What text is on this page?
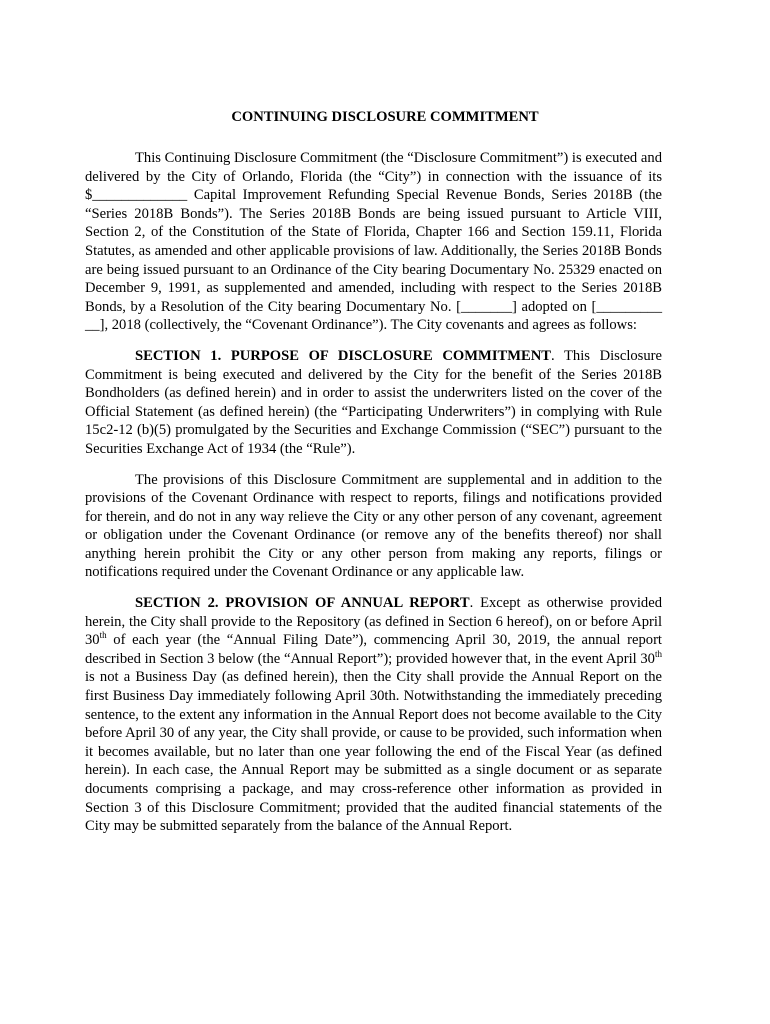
CONTINUING DISCLOSURE COMMITMENT

This Continuing Disclosure Commitment (the “Disclosure Commitment”) is executed and delivered by the City of Orlando, Florida (the “City”) in connection with the issuance of its $_____________ Capital Improvement Refunding Special Revenue Bonds, Series 2018B (the “Series 2018B Bonds”). The Series 2018B Bonds are being issued pursuant to Article VIII, Section 2, of the Constitution of the State of Florida, Chapter 166 and Section 159.11, Florida Statutes, as amended and other applicable provisions of law. Additionally, the Series 2018B Bonds are being issued pursuant to an Ordinance of the City bearing Documentary No. 25329 enacted on December 9, 1991, as supplemented and amended, including with respect to the Series 2018B Bonds, by a Resolution of the City bearing Documentary No. [_______] adopted on [_________ __], 2018 (collectively, the “Covenant Ordinance”). The City covenants and agrees as follows:

SECTION 1. PURPOSE OF DISCLOSURE COMMITMENT. This Disclosure Commitment is being executed and delivered by the City for the benefit of the Series 2018B Bondholders (as defined herein) and in order to assist the underwriters listed on the cover of the Official Statement (as defined herein) (the “Participating Underwriters”) in complying with Rule 15c2-12 (b)(5) promulgated by the Securities and Exchange Commission (“SEC”) pursuant to the Securities Exchange Act of 1934 (the “Rule”).

The provisions of this Disclosure Commitment are supplemental and in addition to the provisions of the Covenant Ordinance with respect to reports, filings and notifications provided for therein, and do not in any way relieve the City or any other person of any covenant, agreement or obligation under the Covenant Ordinance (or remove any of the benefits thereof) nor shall anything herein prohibit the City or any other person from making any reports, filings or notifications required under the Covenant Ordinance or any applicable law.

SECTION 2. PROVISION OF ANNUAL REPORT. Except as otherwise provided herein, the City shall provide to the Repository (as defined in Section 6 hereof), on or before April 30th of each year (the “Annual Filing Date”), commencing April 30, 2019, the annual report described in Section 3 below (the “Annual Report”); provided however that, in the event April 30th is not a Business Day (as defined herein), then the City shall provide the Annual Report on the first Business Day immediately following April 30th. Notwithstanding the immediately preceding sentence, to the extent any information in the Annual Report does not become available to the City before April 30 of any year, the City shall provide, or cause to be provided, such information when it becomes available, but no later than one year following the end of the Fiscal Year (as defined herein). In each case, the Annual Report may be submitted as a single document or as separate documents comprising a package, and may cross-reference other information as provided in Section 3 of this Disclosure Commitment; provided that the audited financial statements of the City may be submitted separately from the balance of the Annual Report.
